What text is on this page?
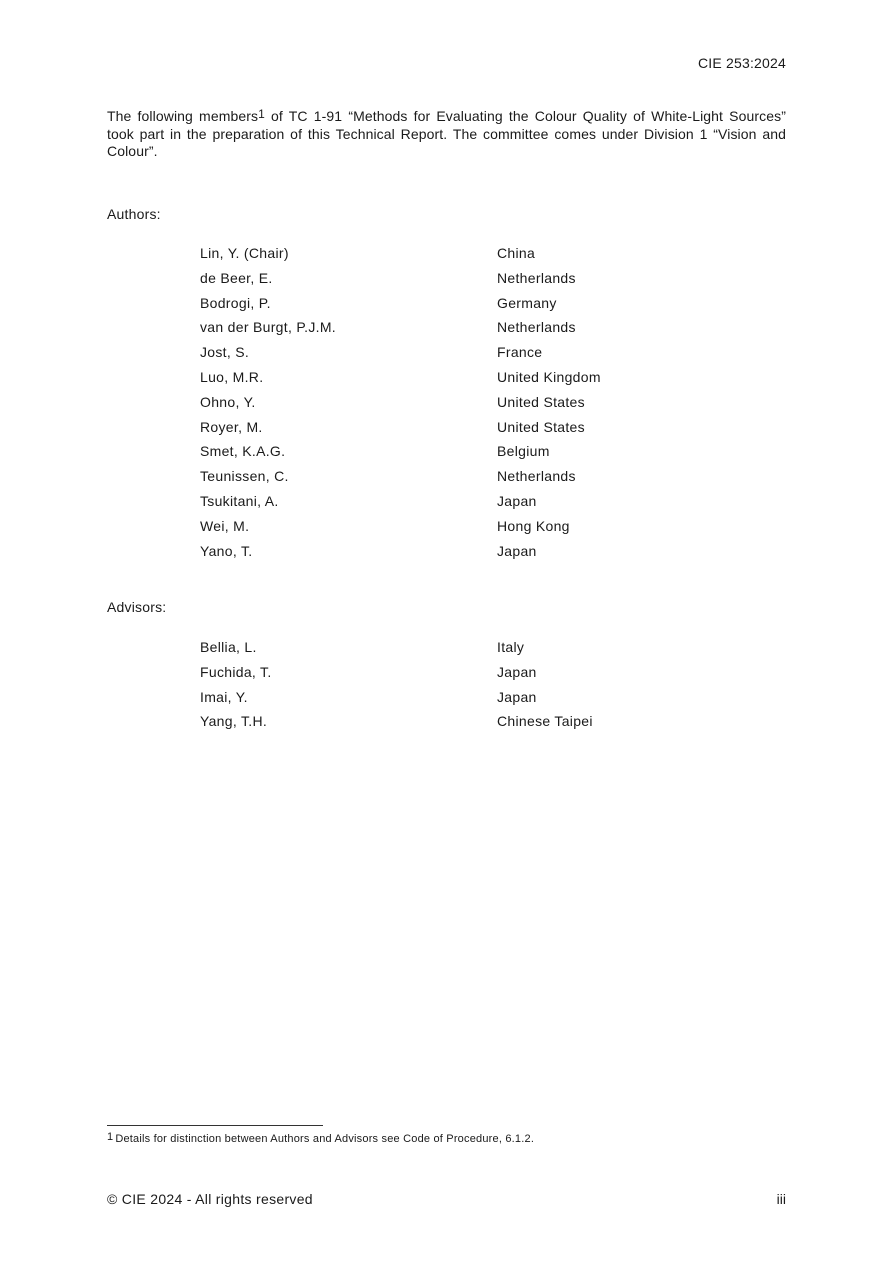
CIE 253:2024

The following members$^1$ of TC 1-91 “Methods for Evaluating the Colour Quality of White-Light Sources” took part in the preparation of this Technical Report. The committee comes under Division 1 “Vision and Colour”.

Authors:
Lin, Y. (Chair)	China
de Beer, E.	Netherlands
Bodrogi, P.	Germany
van der Burgt, P.J.M.	Netherlands
Jost, S.	France
Luo, M.R.	United Kingdom
Ohno, Y.	United States
Royer, M.	United States
Smet, K.A.G.	Belgium
Teunissen, C.	Netherlands
Tsukitani, A.	Japan
Wei, M.	Hong Kong
Yano, T.	Japan
Advisors:
Bellia, L.	Italy
Fuchida, T.	Japan
Imai, Y.	Japan
Yang, T.H.	Chinese Taipei
$^1$ Details for distinction between Authors and Advisors see Code of Procedure, 6.1.2.
© CIE 2024 - All rights reserved	iii
